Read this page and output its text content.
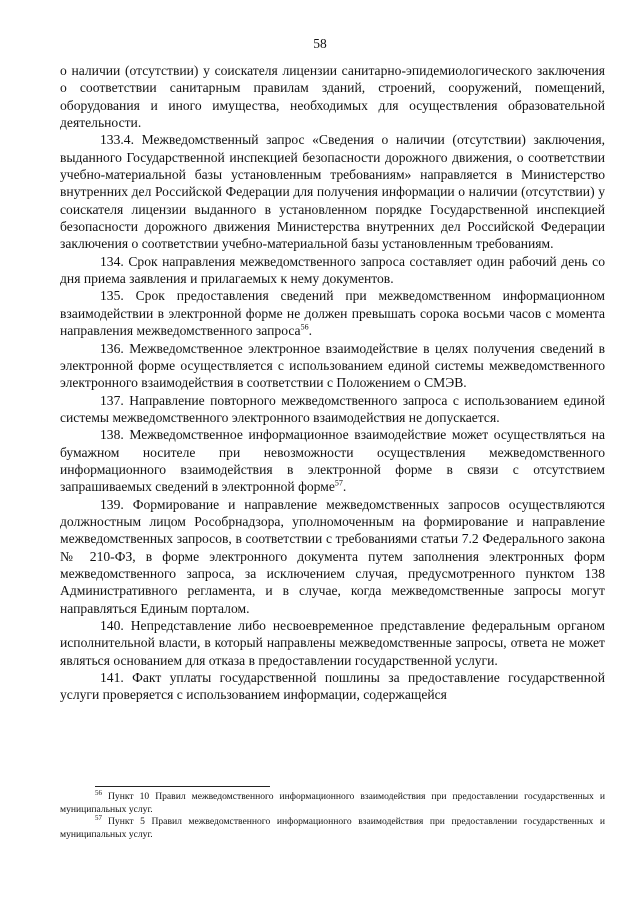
58

о наличии (отсутствии) у соискателя лицензии санитарно-эпидемиологического заключения о соответствии санитарным правилам зданий, строений, сооружений, помещений, оборудования и иного имущества, необходимых для осуществления образовательной деятельности.

133.4. Межведомственный запрос «Сведения о наличии (отсутствии) заключения, выданного Государственной инспекцией безопасности дорожного движения, о соответствии учебно-материальной базы установленным требованиям» направляется в Министерство внутренних дел Российской Федерации для получения информации о наличии (отсутствии) у соискателя лицензии выданного в установленном порядке Государственной инспекцией безопасности дорожного движения Министерства внутренних дел Российской Федерации заключения о соответствии учебно-материальной базы установленным требованиям.

134. Срок направления межведомственного запроса составляет один рабочий день со дня приема заявления и прилагаемых к нему документов.

135. Срок предоставления сведений при межведомственном информационном взаимодействии в электронной форме не должен превышать сорока восьми часов с момента направления межведомственного запроса$^{56}$.

136. Межведомственное электронное взаимодействие в целях получения сведений в электронной форме осуществляется с использованием единой системы межведомственного электронного взаимодействия в соответствии с Положением о СМЭВ.

137. Направление повторного межведомственного запроса с использованием единой системы межведомственного электронного взаимодействия не допускается.

138. Межведомственное информационное взаимодействие может осуществляться на бумажном носителе при невозможности осуществления межведомственного информационного взаимодействия в электронной форме в связи с отсутствием запрашиваемых сведений в электронной форме$^{57}$.

139. Формирование и направление межведомственных запросов осуществляются должностным лицом Рособрнадзора, уполномоченным на формирование и направление межведомственных запросов, в соответствии с требованиями статьи 7.2 Федерального закона № 210-ФЗ, в форме электронного документа путем заполнения электронных форм межведомственного запроса, за исключением случая, предусмотренного пунктом 138 Административного регламента, и в случае, когда межведомственные запросы могут направляться Единым порталом.

140. Непредставление либо несвоевременное представление федеральным органом исполнительной власти, в который направлены межведомственные запросы, ответа не может являться основанием для отказа в предоставлении государственной услуги.

141. Факт уплаты государственной пошлины за предоставление государственной услуги проверяется с использованием информации, содержащейся

$^{56}$ Пункт 10 Правил межведомственного информационного взаимодействия при предоставлении государственных и муниципальных услуг.

$^{57}$ Пункт 5 Правил межведомственного информационного взаимодействия при предоставлении государственных и муниципальных услуг.
